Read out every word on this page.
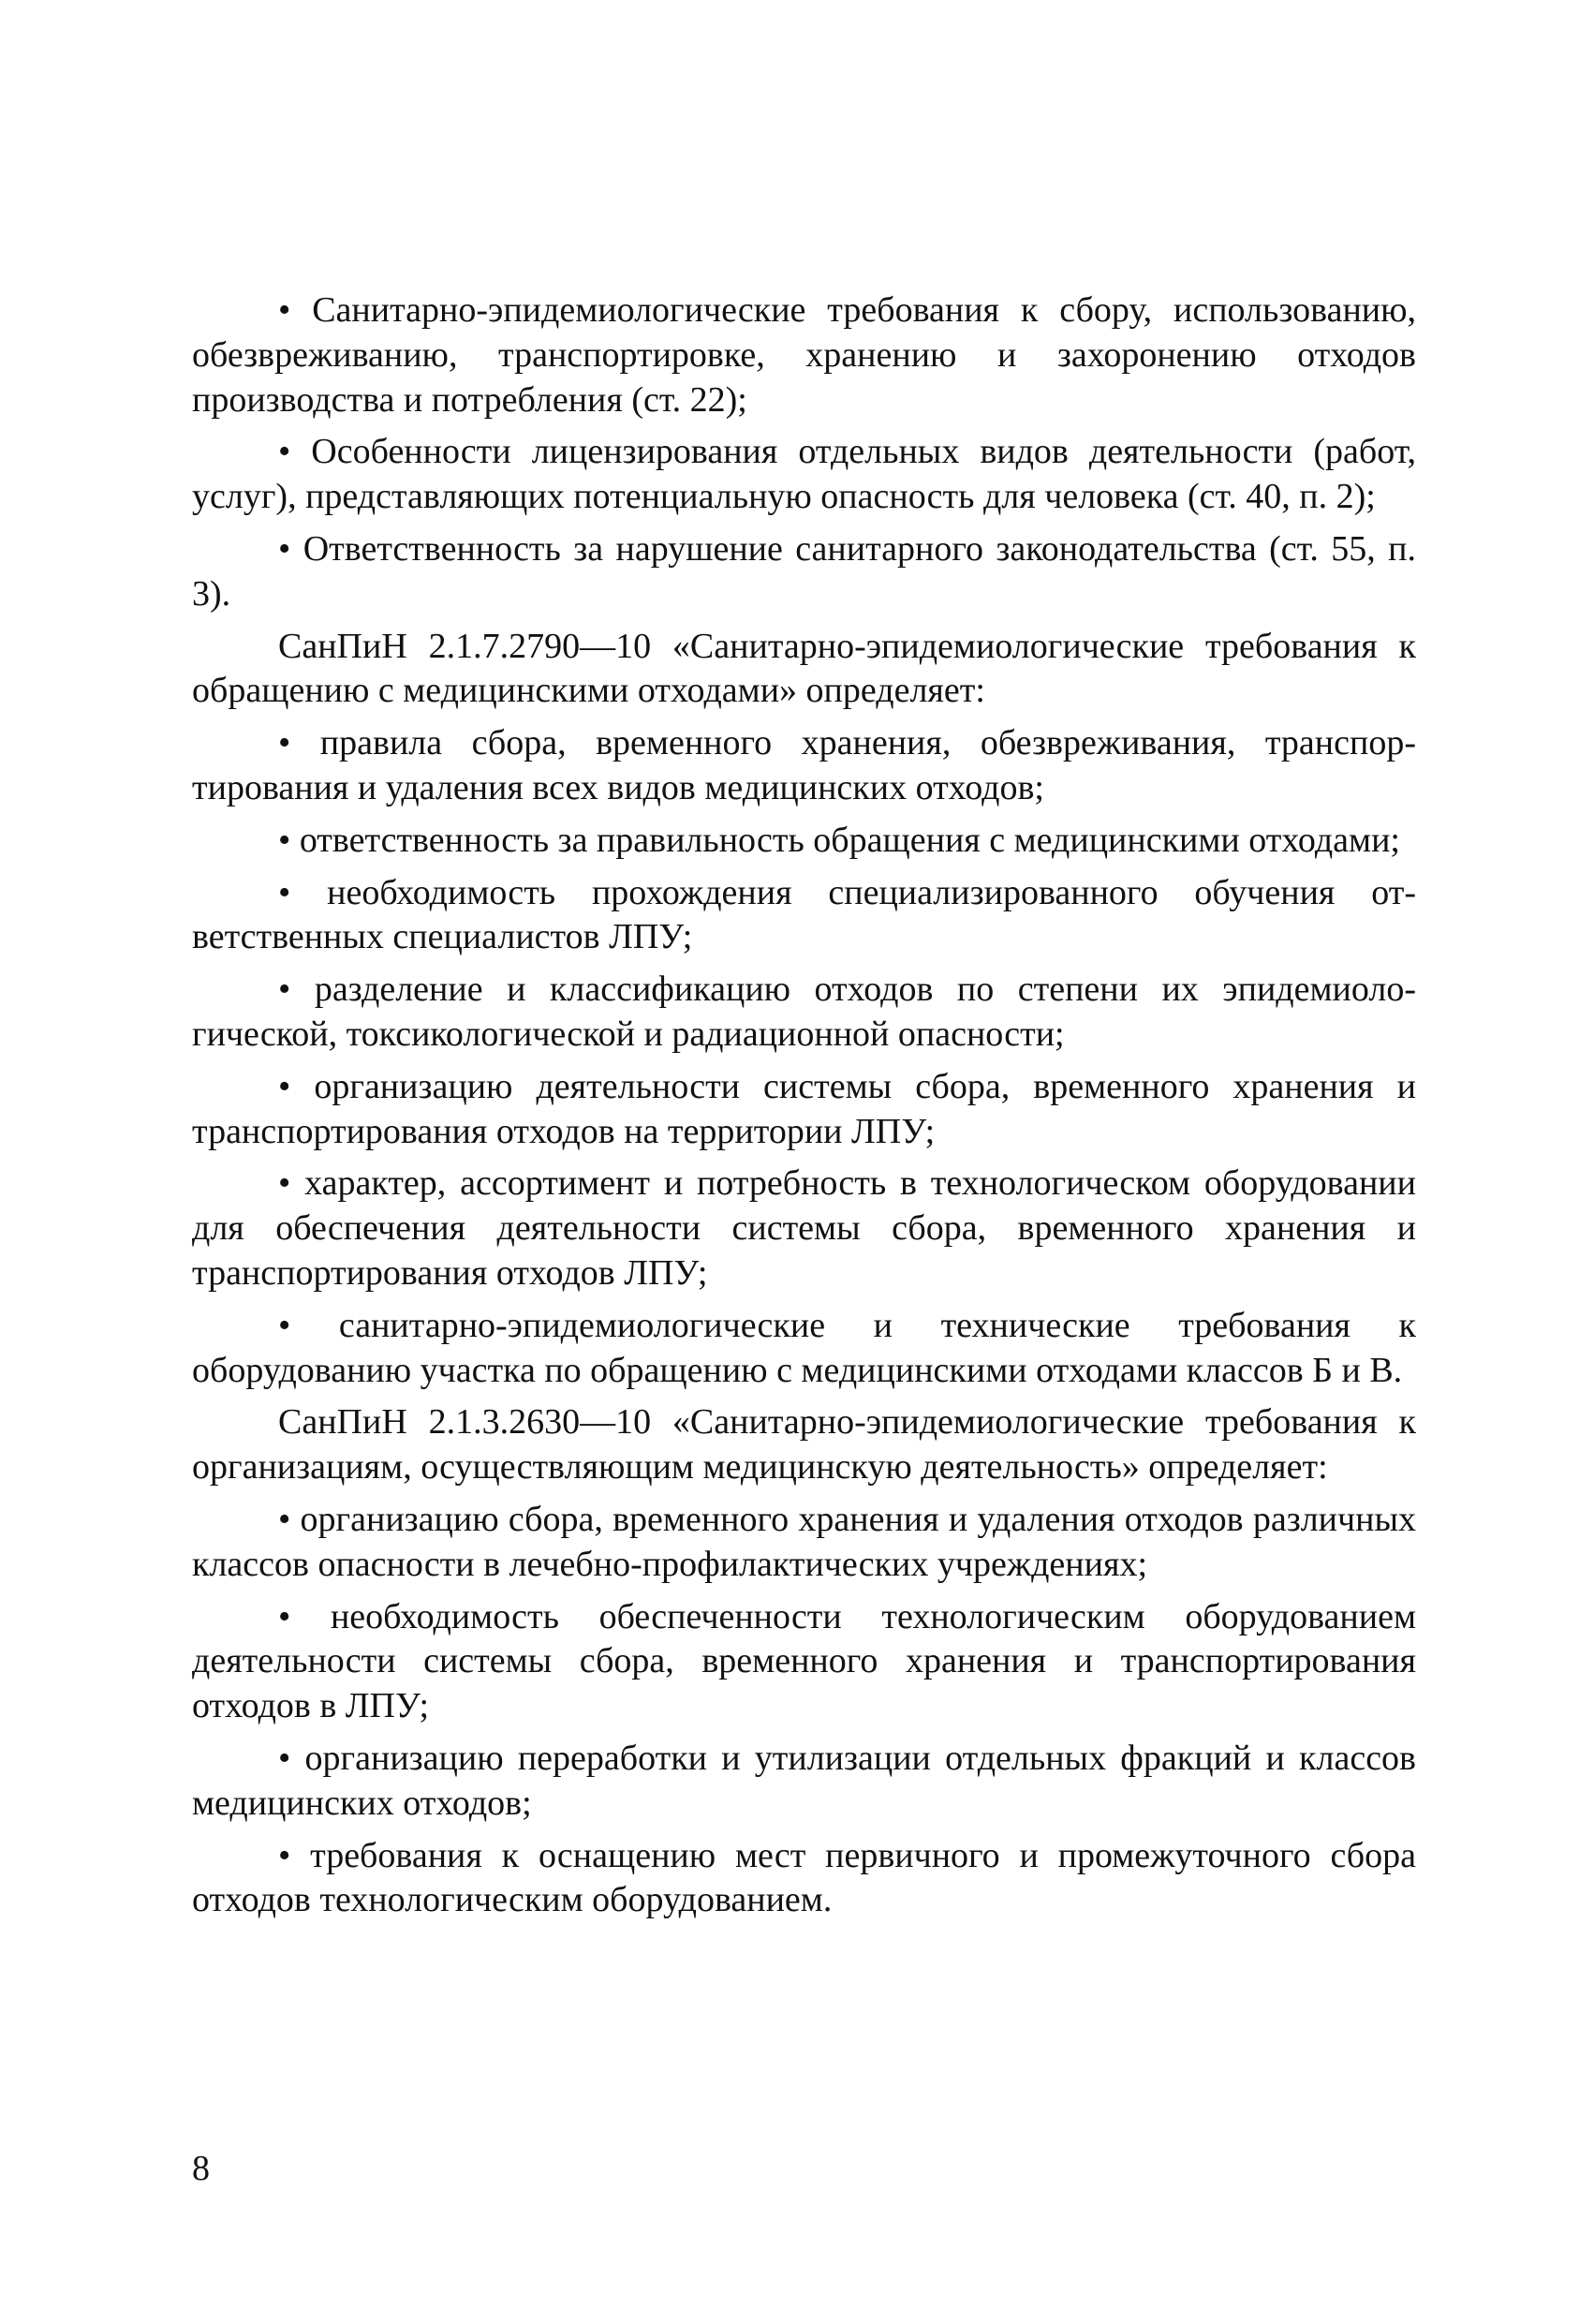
• Санитарно-эпидемиологические требования к сбору, использованию, обезвреживанию, транспортировке, хранению и захоронению отходов производства и потребления (ст. 22);

• Особенности лицензирования отдельных видов деятельности (работ, услуг), представляющих потенциальную опасность для человека (ст. 40, п. 2);

• Ответственность за нарушение санитарного законодательства (ст. 55, п. 3).

СанПиН 2.1.7.2790—10 «Санитарно-эпидемиологические требования к обращению с медицинскими отходами» определяет:

• правила сбора, временного хранения, обезвреживания, транспортирования и удаления всех видов медицинских отходов;

• ответственность за правильность обращения с медицинскими отходами;

• необходимость прохождения специализированного обучения ответственных специалистов ЛПУ;

• разделение и классификацию отходов по степени их эпидемиологической, токсикологической и радиационной опасности;

• организацию деятельности системы сбора, временного хранения и транспортирования отходов на территории ЛПУ;

• характер, ассортимент и потребность в технологическом оборудовании для обеспечения деятельности системы сбора, временного хранения и транспортирования отходов ЛПУ;

• санитарно-эпидемиологические и технические требования к оборудованию участка по обращению с медицинскими отходами классов Б и В.

СанПиН 2.1.3.2630—10 «Санитарно-эпидемиологические требования к организациям, осуществляющим медицинскую деятельность» определяет:

• организацию сбора, временного хранения и удаления отходов различных классов опасности в лечебно-профилактических учреждениях;

• необходимость обеспеченности технологическим оборудованием деятельности системы сбора, временного хранения и транспортирования отходов в ЛПУ;

• организацию переработки и утилизации отдельных фракций и классов медицинских отходов;

• требования к оснащению мест первичного и промежуточного сбора отходов технологическим оборудованием.

8
